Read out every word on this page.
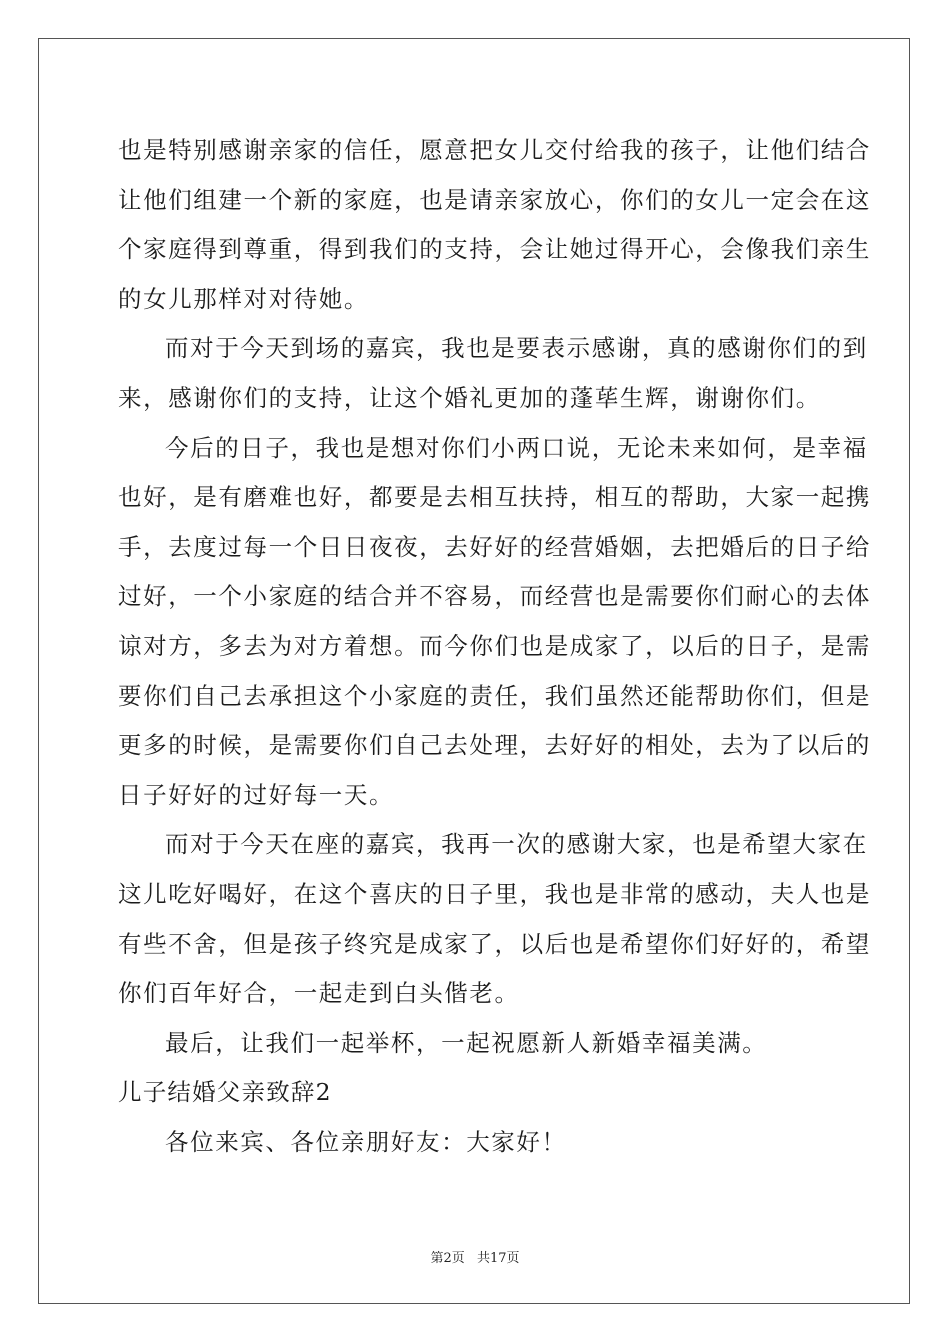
也是特别感谢亲家的信任，愿意把女儿交付给我的孩子，让他们结合
让他们组建一个新的家庭，也是请亲家放心，你们的女儿一定会在这
个家庭得到尊重，得到我们的支持，会让她过得开心，会像我们亲生
的女儿那样对对待她。
而对于今天到场的嘉宾，我也是要表示感谢，真的感谢你们的到
来，感谢你们的支持，让这个婚礼更加的蓬荜生辉，谢谢你们。
今后的日子，我也是想对你们小两口说，无论未来如何，是幸福
也好，是有磨难也好，都要是去相互扶持，相互的帮助，大家一起携
手，去度过每一个日日夜夜，去好好的经营婚姻，去把婚后的日子给
过好，一个小家庭的结合并不容易，而经营也是需要你们耐心的去体
谅对方，多去为对方着想。而今你们也是成家了，以后的日子，是需
要你们自己去承担这个小家庭的责任，我们虽然还能帮助你们，但是
更多的时候，是需要你们自己去处理，去好好的相处，去为了以后的
日子好好的过好每一天。
而对于今天在座的嘉宾，我再一次的感谢大家，也是希望大家在
这儿吃好喝好，在这个喜庆的日子里，我也是非常的感动，夫人也是
有些不舍，但是孩子终究是成家了，以后也是希望你们好好的，希望
你们百年好合，一起走到白头偕老。
最后，让我们一起举杯，一起祝愿新人新婚幸福美满。
儿子结婚父亲致辞2
各位来宾、各位亲朋好友：大家好！
第2页 共17页
